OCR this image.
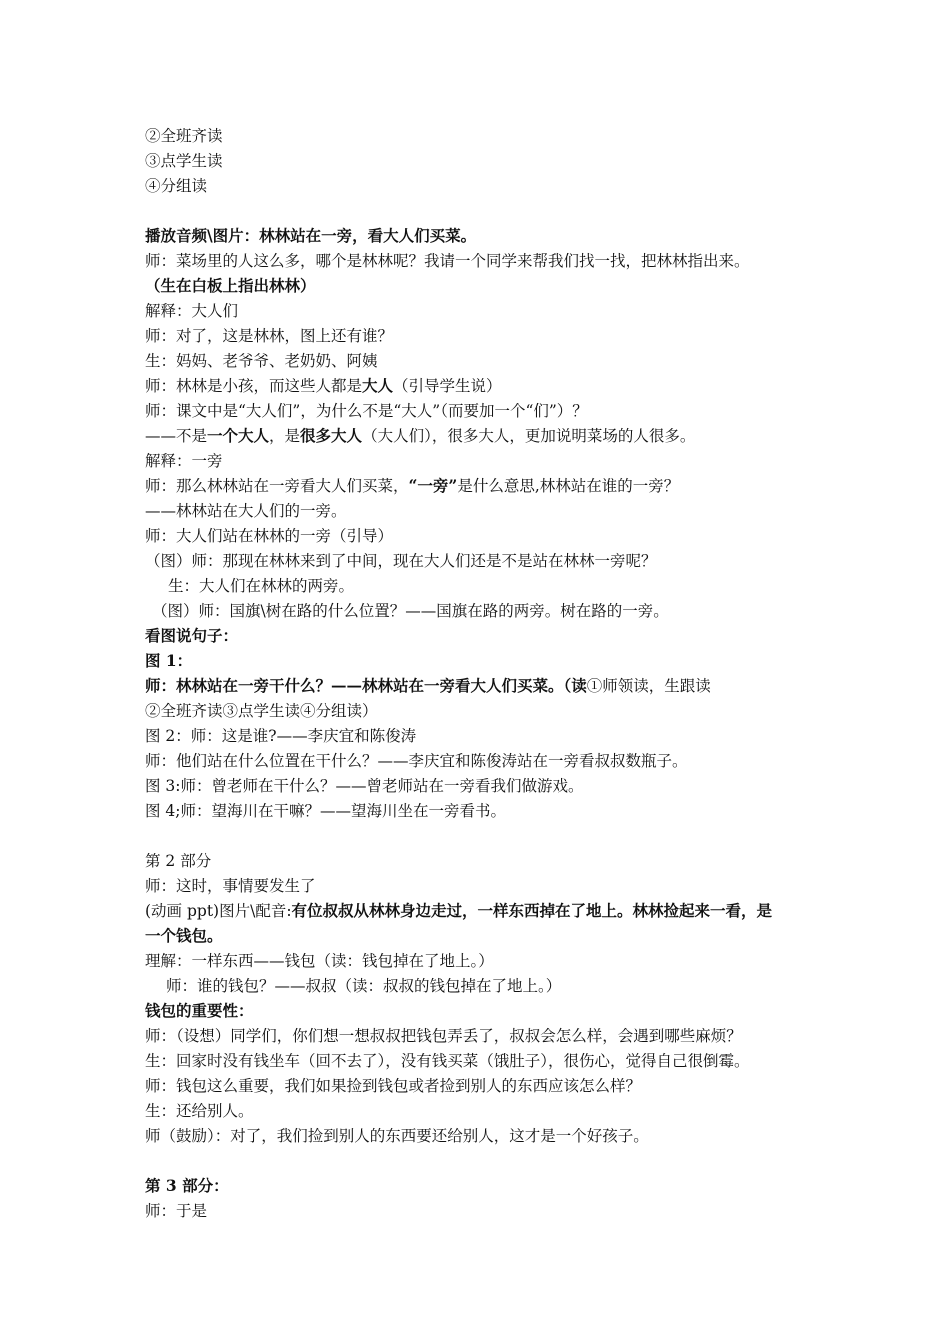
②全班齐读
③点学生读
④分组读
播放音频\图片：林林站在一旁，看大人们买菜。
师：菜场里的人这么多，哪个是林林呢？我请一个同学来帮我们找一找，把林林指出来。
（生在白板上指出林林）
解释：大人们
师：对了，这是林林，图上还有谁？
生：妈妈、老爷爷、老奶奶、阿姨
师：林林是小孩，而这些人都是大人（引导学生说）
师：课文中是“大人们”，为什么不是“大人”（而要加一个“们”）？
——不是一个大人，是很多大人（大人们），很多大人，更加说明菜场的人很多。
解释：一旁
师：那么林林站在一旁看大人们买菜，“一旁”是什么意思,林林站在谁的一旁？
——林林站在大人们的一旁。
师：大人们站在林林的一旁（引导）
（图）师：那现在林林来到了中间，现在大人们还是不是站在林林一旁呢？
生：大人们在林林的两旁。
（图）师：国旗\树在路的什么位置？——国旗在路的两旁。树在路的一旁。
看图说句子：
图 1：
师：林林站在一旁干什么？——林林站在一旁看大人们买菜。（读①师领读，生跟读
②全班齐读③点学生读④分组读）
图 2：师：这是谁?——李庆宜和陈俊涛
师：他们站在什么位置在干什么？——李庆宜和陈俊涛站在一旁看叔叔数瓶子。
图 3:师：曾老师在干什么？——曾老师站在一旁看我们做游戏。
图 4;师：望海川在干嘛？——望海川坐在一旁看书。
第 2 部分
师：这时，事情要发生了
(动画 ppt)图片\配音:有位叔叔从林林身边走过，一样东西掉在了地上。林林捡起来一看，是
一个钱包。
理解：一样东西——钱包（读：钱包掉在了地上。）
师：谁的钱包？——叔叔（读：叔叔的钱包掉在了地上。）
钱包的重要性：
师：（设想）同学们，你们想一想叔叔把钱包弄丢了，叔叔会怎么样，会遇到哪些麻烦？
生：回家时没有钱坐车（回不去了），没有钱买菜（饿肚子），很伤心，觉得自己很倒霉。
师：钱包这么重要，我们如果捡到钱包或者捡到别人的东西应该怎么样？
生：还给别人。
师（鼓励）：对了，我们捡到别人的东西要还给别人，这才是一个好孩子。
第 3 部分：
师：于是
